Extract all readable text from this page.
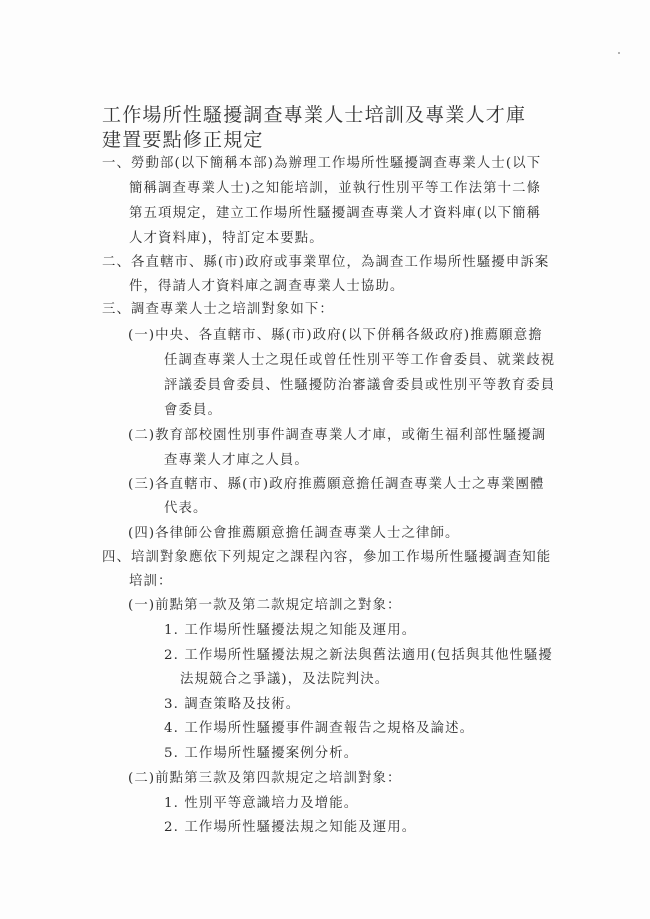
工作場所性騷擾調查專業人士培訓及專業人才庫
建置要點修正規定
一、勞動部(以下簡稱本部)為辦理工作場所性騷擾調查專業人士(以下
簡稱調查專業人士)之知能培訓，並執行性別平等工作法第十二條
第五項規定，建立工作場所性騷擾調查專業人才資料庫(以下簡稱
人才資料庫)，特訂定本要點。
二、各直轄市、縣(市)政府或事業單位，為調查工作場所性騷擾申訴案
件，得請人才資料庫之調查專業人士協助。
三、調查專業人士之培訓對象如下：
(一)中央、各直轄市、縣(市)政府(以下併稱各級政府)推薦願意擔
任調查專業人士之現任或曾任性別平等工作會委員、就業歧視
評議委員會委員、性騷擾防治審議會委員或性別平等教育委員
會委員。
(二)教育部校園性別事件調查專業人才庫，或衛生福利部性騷擾調
查專業人才庫之人員。
(三)各直轄市、縣(市)政府推薦願意擔任調查專業人士之專業團體
代表。
(四)各律師公會推薦願意擔任調查專業人士之律師。
四、培訓對象應依下列規定之課程內容，參加工作場所性騷擾調查知能
培訓：
(一)前點第一款及第二款規定培訓之對象：
1. 工作場所性騷擾法規之知能及運用。
2. 工作場所性騷擾法規之新法與舊法適用(包括與其他性騷擾
法規競合之爭議)，及法院判決。
3. 調查策略及技術。
4. 工作場所性騷擾事件調查報告之規格及論述。
5. 工作場所性騷擾案例分析。
(二)前點第三款及第四款規定之培訓對象：
1. 性別平等意識培力及增能。
2. 工作場所性騷擾法規之知能及運用。
